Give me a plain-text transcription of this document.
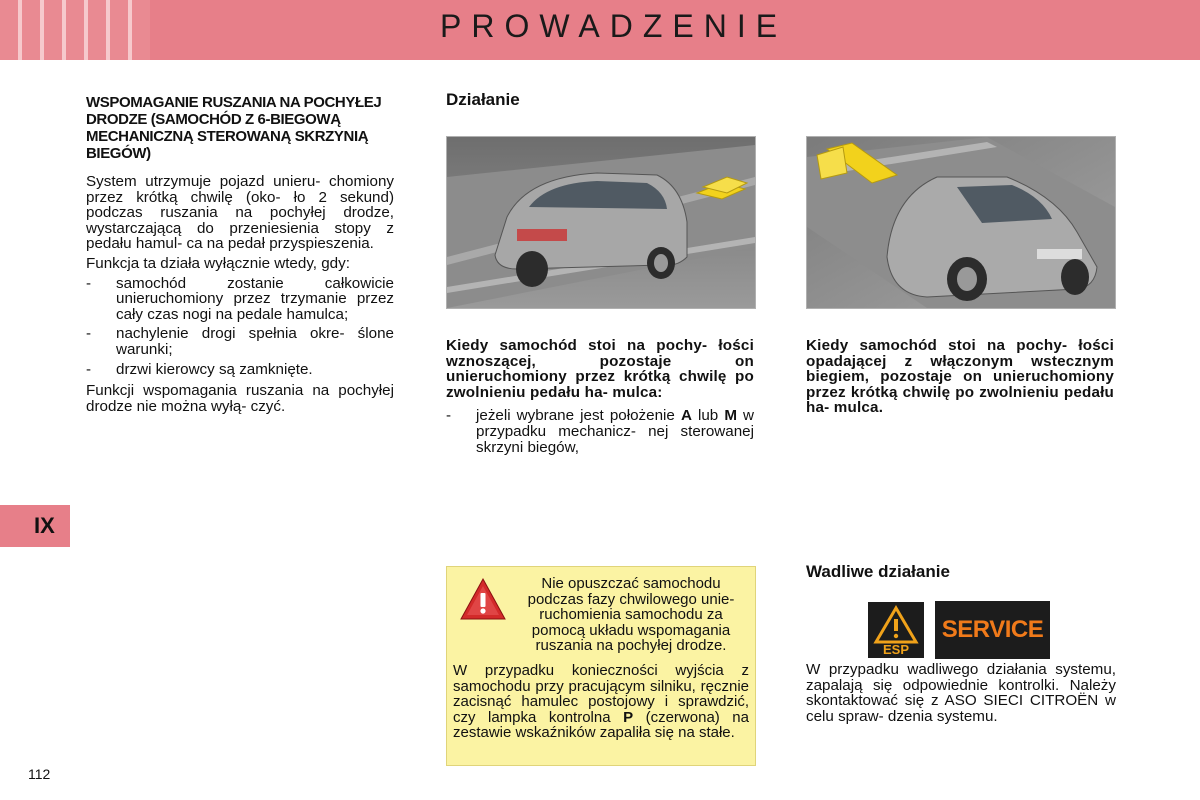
PROWADZENIE
IX

WSPOMAGANIE RUSZANIA NA POCHYŁEJ DRODZE (SAMOCHÓD Z 6-BIEGOWĄ MECHANICZNĄ STEROWANĄ SKRZYNIĄ BIEGÓW)

System utrzymuje pojazd unieru- chomiony przez krótką chwilę (oko- ło 2 sekund) podczas ruszania na pochyłej drodze, wystarczającą do przeniesienia stopy z pedału hamul- ca na pedał przyspieszenia.

Funkcja ta działa wyłącznie wtedy, gdy:

- samochód zostanie całkowicie unieruchomiony przez trzymanie przez cały czas nogi na pedale hamulca;
- nachylenie drogi spełnia okre- ślone warunki;
- drzwi kierowcy są zamknięte.

Funkcji wspomagania ruszania na pochyłej drodze nie można wyłą- czyć.

Działanie

Kiedy samochód stoi na pochy- łości wznoszącej, pozostaje on unieruchomiony przez krótką chwilę po zwolnieniu pedału ha- mulca:

- jeżeli wybrane jest położenie A lub M w przypadku mechanicz- nej sterowanej skrzyni biegów,

Kiedy samochód stoi na pochy- łości opadającej z włączonym wstecznym biegiem, pozostaje on unieruchomiony przez krótką chwilę po zwolnieniu pedału ha- mulca.

Nie opuszczać samochodu podczas fazy chwilowego unie- ruchomienia samochodu za pomocą układu wspomagania ruszania na pochyłej drodze.
W przypadku konieczności wyjścia z samochodu przy pracującym silniku, ręcznie zacisnąć hamulec postojowy i sprawdzić, czy lampka kontrolna P (czerwona) na zestawie wskaźników zapaliła się na stałe.

Wadliwe działanie

ESP
SERVICE

W przypadku wadliwego działania systemu, zapalają się odpowiednie kontrolki. Należy skontaktować się z ASO SIECI CITROËN w celu spraw- dzenia systemu.

112
